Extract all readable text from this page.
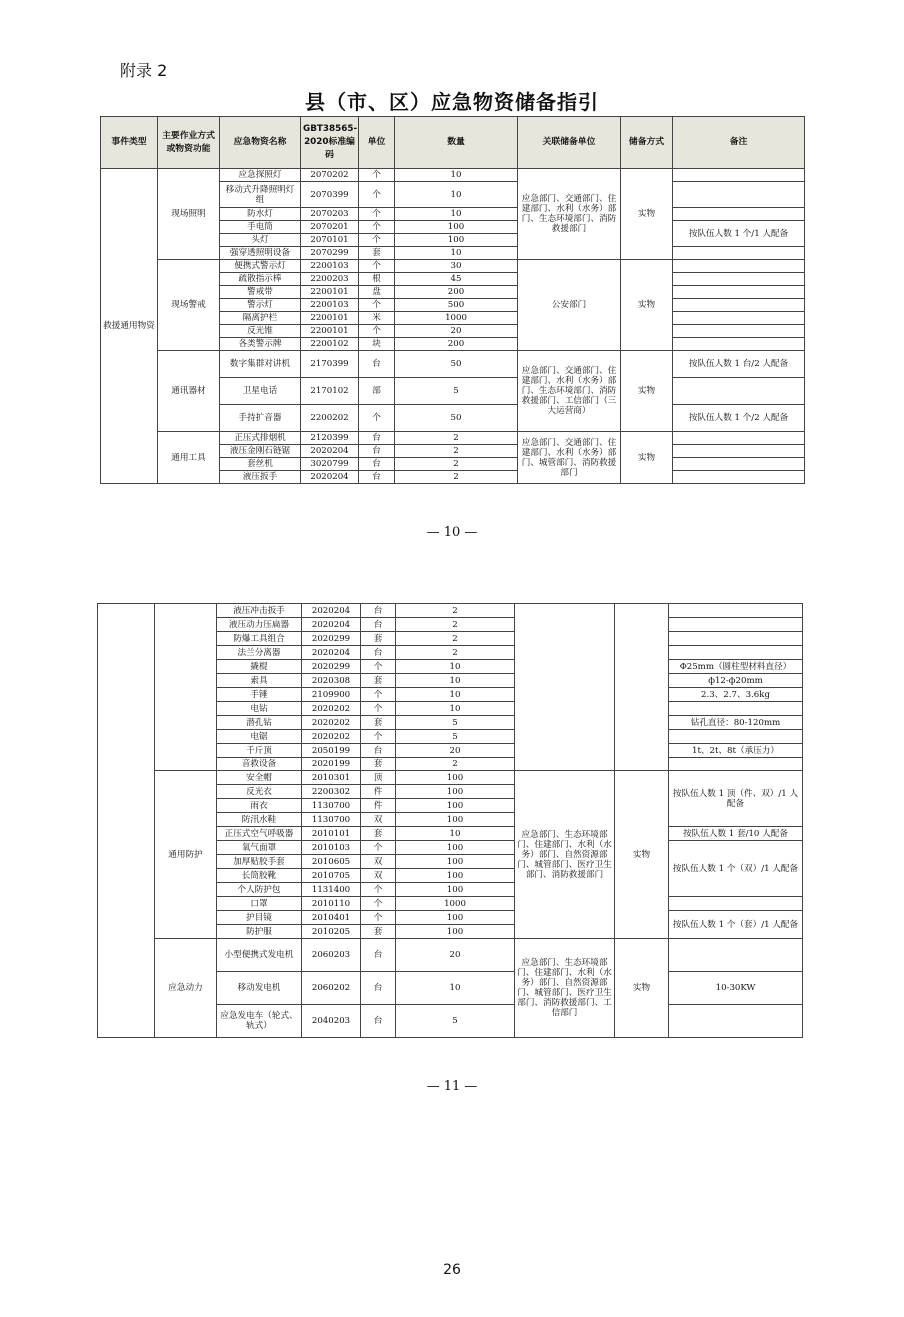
附录 2
县（市、区）应急物资储备指引
事件类型	主要作业方式或物资功能	应急物资名称	GBT38565-2020标准编码	单位	数量	关联储备单位	储备方式	备注
救援通用物资	现场照明	应急探照灯	2070202	个	10	应急部门、交通部门、住建部门、水利（水务）部门、生态环境部门、消防救援部门	实物	
		移动式升降照明灯组	2070399	个	10			
		防水灯	2070203	个	10			
		手电筒	2070201	个	100			按队伍人数 1 个/1 人配备
		头灯	2070101	个	100			
		强穿透照明设备	2070299	套	10			
	现场警戒	便携式警示灯	2200103	个	30	公安部门	实物	
		疏散指示棒	2200203	根	45			
		警戒带	2200101	盘	200			
		警示灯	2200103	个	500			
		隔离护栏	2200101	米	1000			
		反光锥	2200101	个	20			
		各类警示牌	2200102	块	200			
	通讯器材	数字集群对讲机	2170399	台	50	应急部门、交通部门、住建部门、水利（水务）部门、生态环境部门、消防救援部门、工信部门（三大运营商）	实物	按队伍人数 1 台/2 人配备
		卫星电话	2170102	部	5			
		手持扩音器	2200202	个	50			按队伍人数 1 个/2 人配备
	通用工具	正压式排烟机	2120399	台	2	应急部门、交通部门、住建部门、水利（水务）部门、城管部门、消防救援部门	实物	
		液压金刚石链锯	2020204	台	2			
		套丝机	3020799	台	2			
		液压扳手	2020204	台	2			
— 10 —
		液压冲击扳手	2020204	台	2			
		液压动力压扁器	2020204	台	2			
		防爆工具组合	2020299	套	2			
		法兰分离器	2020204	台	2			
		撬棍	2020299	个	10			Φ25mm（圆柱型材料直径）
		索具	2020308	套	10			ф12-ф20mm
		手锤	2109900	个	10			2.3、2.7、3.6kg
		电钻	2020202	个	10			
		潜孔钻	2020202	套	5			钻孔直径：80-120mm
		电锯	2020202	个	5			
		千斤顶	2050199	台	20			1t、2t、8t（承压力）
		音救设备	2020199	套	2			
	通用防护	安全帽	2010301	顶	100	应急部门、生态环境部门、住建部门、水利（水务）部门、自然资源部门、城管部门、医疗卫生部门、消防救援部门	实物	按队伍人数 1 顶（件、双）/1 人配备
		反光衣	2200302	件	100			
		雨衣	1130700	件	100			
		防汛水鞋	1130700	双	100			
		正压式空气呼吸器	2010101	套	10			按队伍人数 1 套/10 人配备
		氧气面罩	2010103	个	100			按队伍人数 1 个（双）/1 人配备
		加厚贴胶手套	2010605	双	100			
		长筒胶靴	2010705	双	100			
		个人防护包	1131400	个	100			
		口罩	2010110	个	1000			
		护目镜	2010401	个	100			按队伍人数 1 个（套）/1 人配备
		防护服	2010205	套	100			
	应急动力	小型便携式发电机	2060203	台	20	应急部门、生态环境部门、住建部门、水利（水务）部门、自然资源部门、城管部门、医疗卫生部门、消防救援部门、工信部门	实物	
		移动发电机	2060202	台	10			10-30KW
		应急发电车（轮式、轨式）	2040203	台	5			
— 11 —
26
